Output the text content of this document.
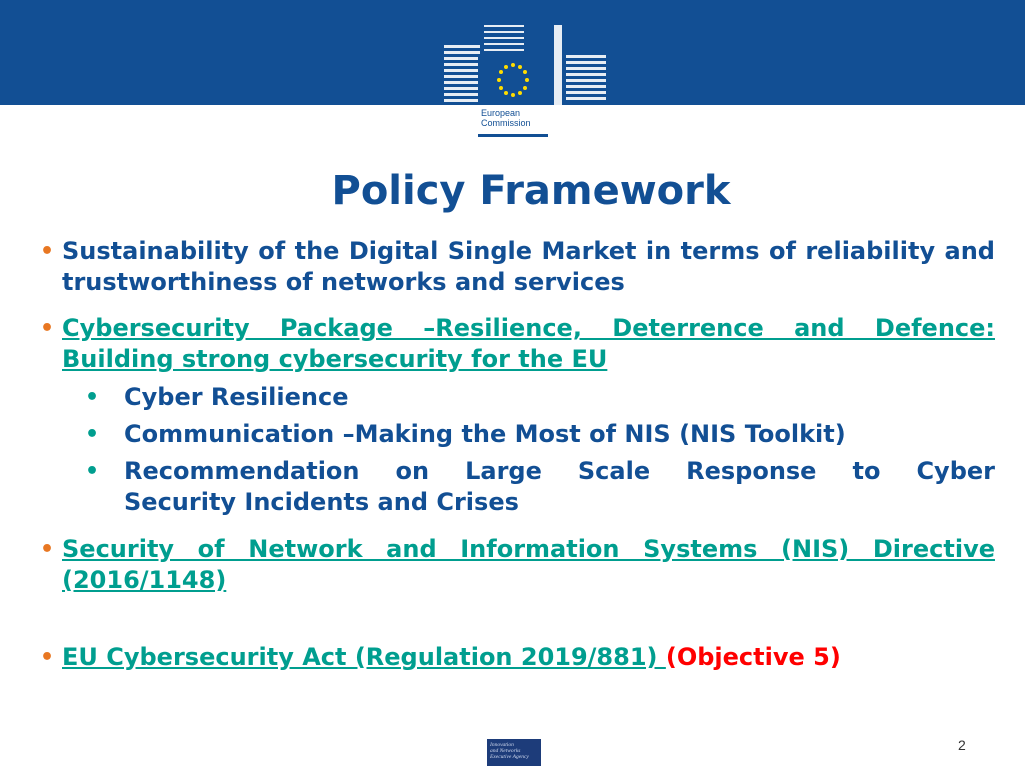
European
Commission
Policy Framework
• Sustainability of the Digital Single Market in terms of reliability and trustworthiness of networks and services
• Cybersecurity Package –Resilience, Deterrence and Defence:
Building strong cybersecurity for the EU
• Cyber Resilience
• Communication –Making the Most of NIS (NIS Toolkit)
• Recommendation on Large Scale Response to Cyber
Security Incidents and Crises
• Security of Network and Information Systems (NIS) Directive
(2016/1148)
• EU Cybersecurity Act (Regulation 2019/881) (Objective 5)
Innovation
and Networks
Executive Agency
2
